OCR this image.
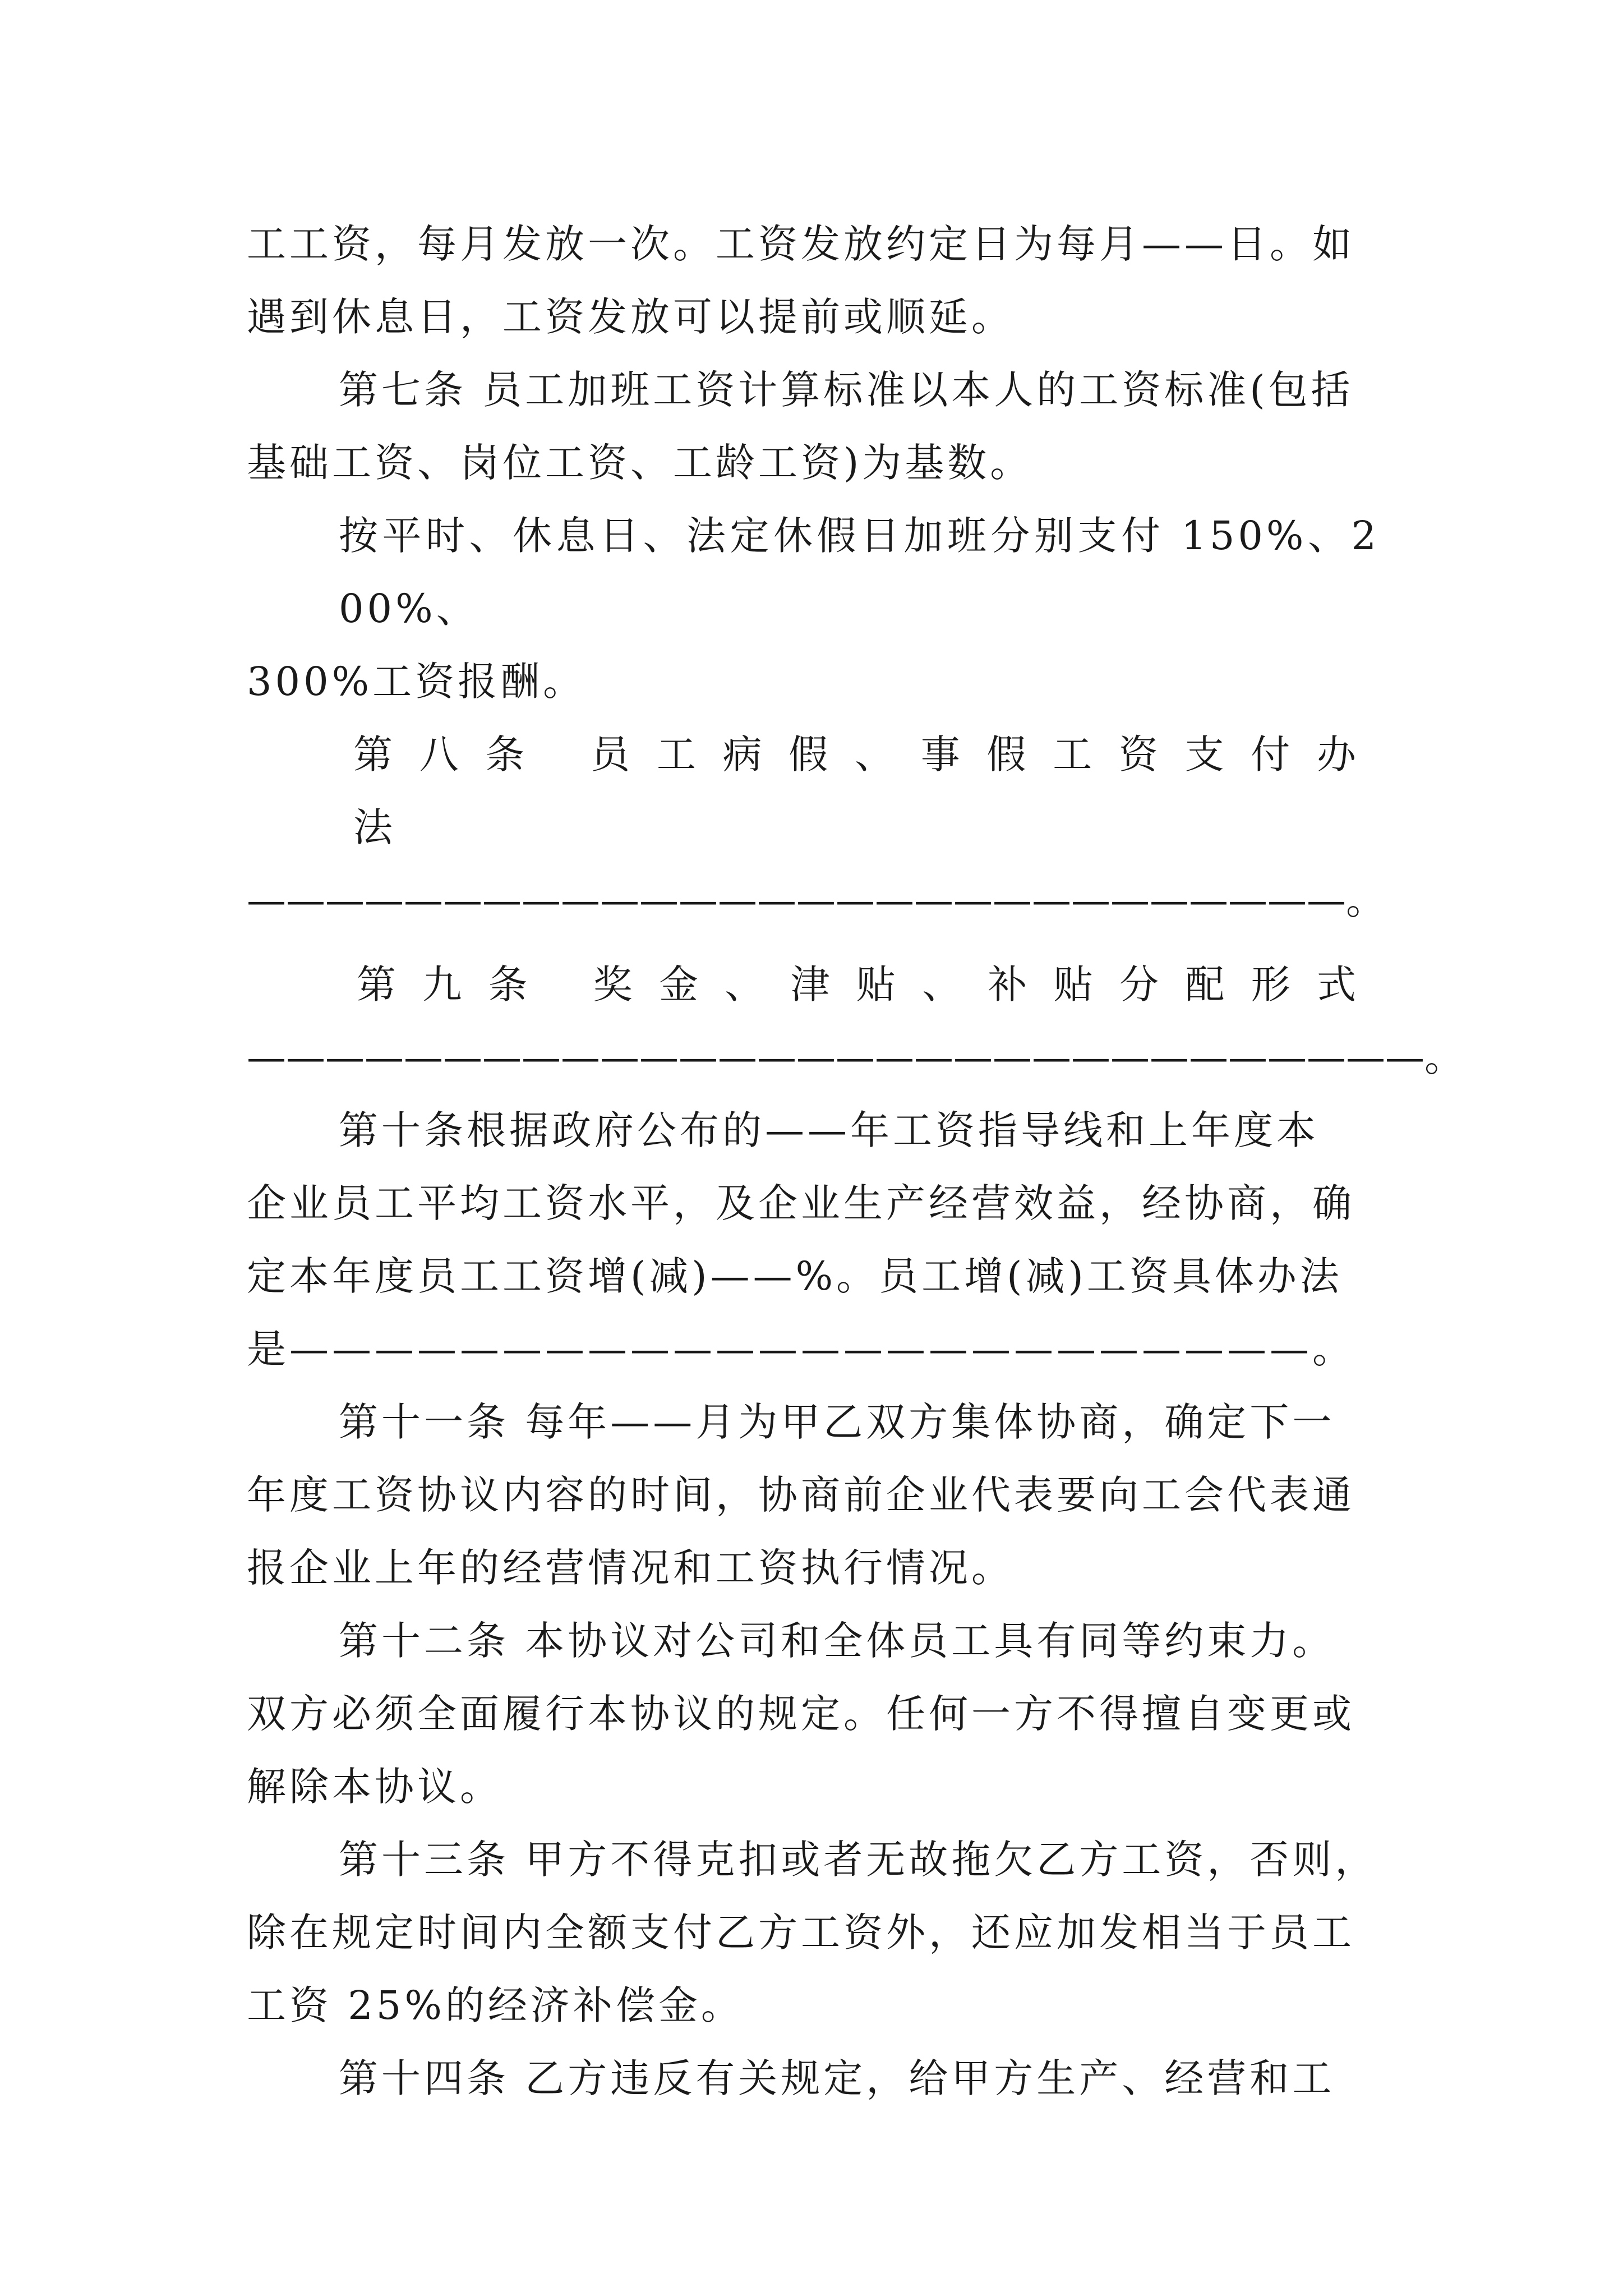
工工资，每月发放一次。工资发放约定日为每月——日。如
遇到休息日，工资发放可以提前或顺延。
第七条 员工加班工资计算标准以本人的工资标准(包括
基础工资、岗位工资、工龄工资)为基数。
按平时、休息日、法定休假日加班分别支付 150%、200%、
300%工资报酬。
第八条 员工病假、事假工资支付办法
————————————————————————————。
第九条 奖金、津贴、补贴分配形式
——————————————————————————————。
第十条根据政府公布的——年工资指导线和上年度本
企业员工平均工资水平，及企业生产经营效益，经协商，确
定本年度员工工资增(减)——%。员工增(减)工资具体办法
是————————————————————————。
第十一条 每年——月为甲乙双方集体协商，确定下一
年度工资协议内容的时间，协商前企业代表要向工会代表通
报企业上年的经营情况和工资执行情况。
第十二条 本协议对公司和全体员工具有同等约束力。
双方必须全面履行本协议的规定。任何一方不得擅自变更或
解除本协议。
第十三条 甲方不得克扣或者无故拖欠乙方工资，否则，
除在规定时间内全额支付乙方工资外，还应加发相当于员工
工资 25%的经济补偿金。
第十四条 乙方违反有关规定，给甲方生产、经营和工
